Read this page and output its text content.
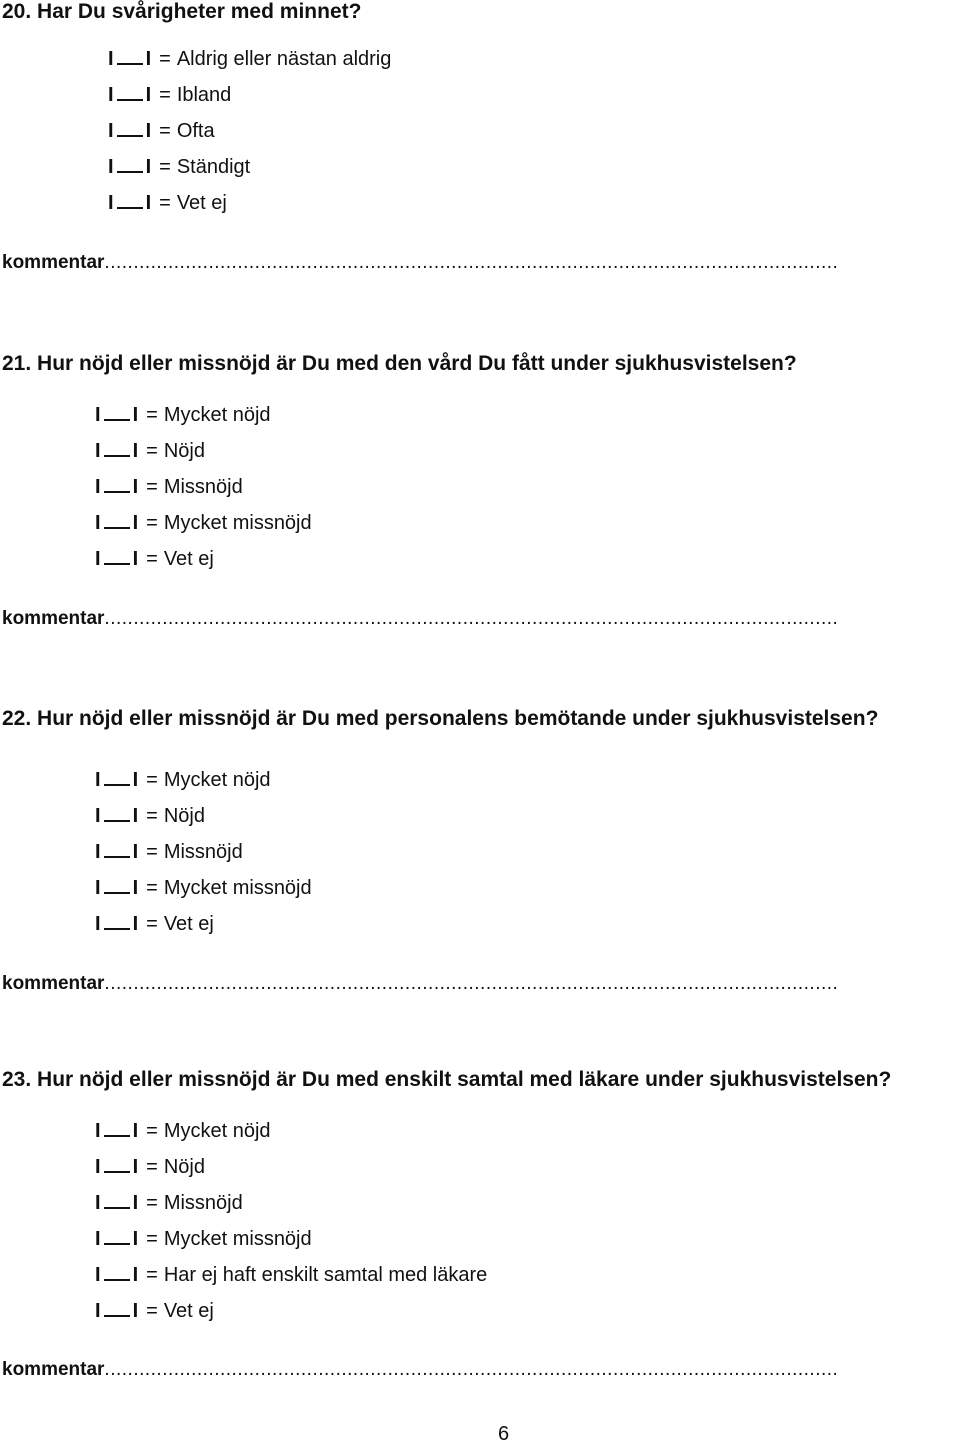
20. Har Du svårigheter med minnet?
I I = Aldrig eller nästan aldrig
I I = Ibland
I I = Ofta
I I = Ständigt
I I = Vet ej
kommentar...............................................................................................................................
21. Hur nöjd eller missnöjd är Du med den vård Du fått under sjukhusvistelsen?
I I = Mycket nöjd
I I = Nöjd
I I = Missnöjd
I I = Mycket missnöjd
I I = Vet ej
kommentar...............................................................................................................................
22. Hur nöjd eller missnöjd är Du med personalens bemötande under sjukhusvistelsen?
I I = Mycket nöjd
I I = Nöjd
I I = Missnöjd
I I = Mycket missnöjd
I I = Vet ej
kommentar...............................................................................................................................
23. Hur nöjd eller missnöjd är Du med enskilt samtal med läkare under sjukhusvistelsen?
I I = Mycket nöjd
I I = Nöjd
I I = Missnöjd
I I = Mycket missnöjd
I I = Har ej haft enskilt samtal med läkare
I I = Vet ej
kommentar...............................................................................................................................
6
